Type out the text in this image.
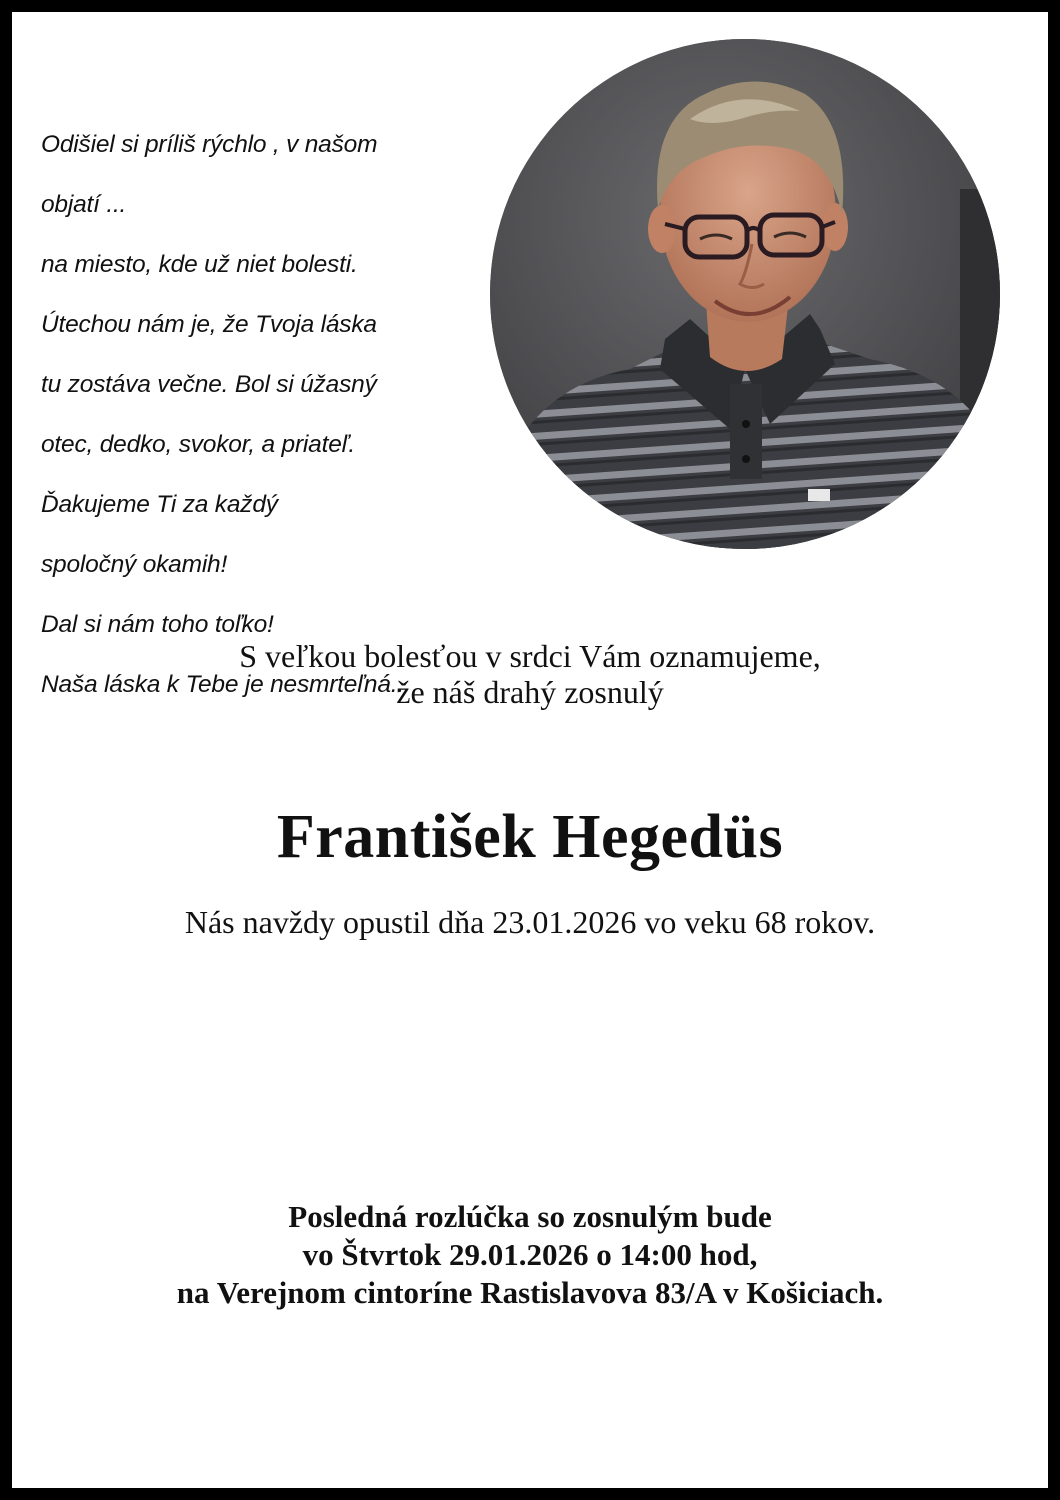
Odišiel si príliš rýchlo , v našom

objatí ...

na miesto, kde už niet bolesti.

Útechou nám je, že Tvoja láska

tu zostáva večne. Bol si úžasný

otec, dedko, svokor, a priateľ.

Ďakujeme Ti za každý

spoločný okamih!

Dal si nám toho toľko!

Naša láska k Tebe je nesmrteľná..

S veľkou bolesťou v srdci Vám oznamujeme,
že náš drahý zosnulý
František Hegedüs
Nás navždy opustil dňa 23.01.2026 vo veku 68 rokov.
Posledná rozlúčka so zosnulým bude
vo Štvrtok 29.01.2026 o 14:00 hod,
na Verejnom cintoríne Rastislavova 83/A v Košiciach.
